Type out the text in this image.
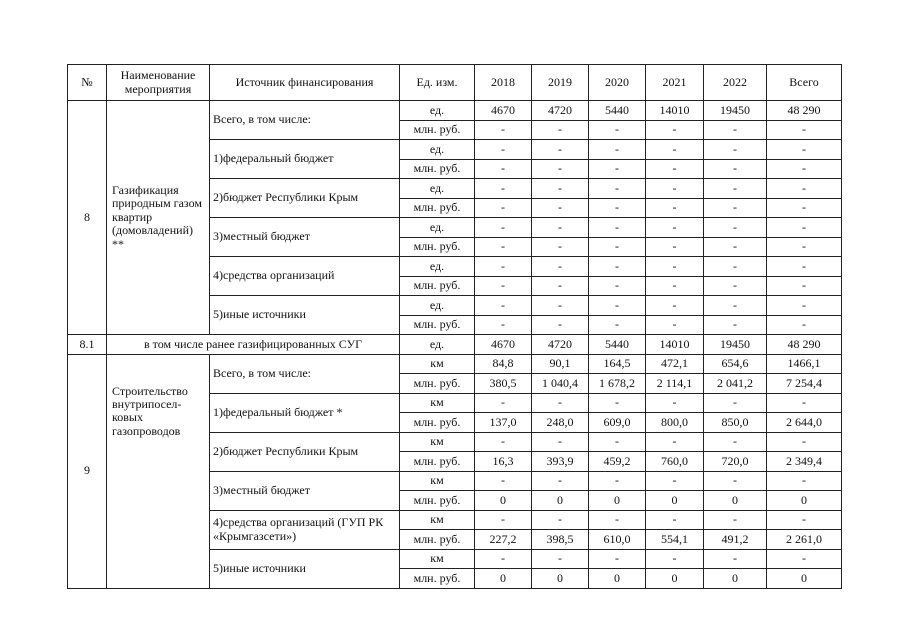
№	Наименование мероприятия	Источник финансирования	Ед. изм.	2018	2019	2020	2021	2022	Всего
8	Газификация природным газом квартир (домовладений) **	Всего, в том числе:	ед.	4670	4720	5440	14010	19450	48 290
			млн. руб.	-	-	-	-	-	-
		1)федеральный бюджет	ед.	-	-	-	-	-	-
			млн. руб.	-	-	-	-	-	-
		2)бюджет Республики Крым	ед.	-	-	-	-	-	-
			млн. руб.	-	-	-	-	-	-
		3)местный бюджет	ед.	-	-	-	-	-	-
			млн. руб.	-	-	-	-	-	-
		4)средства организаций	ед.	-	-	-	-	-	-
			млн. руб.	-	-	-	-	-	-
		5)иные источники	ед.	-	-	-	-	-	-
			млн. руб.	-	-	-	-	-	-
8.1	в том числе ранее газифицированных СУГ		ед.	4670	4720	5440	14010	19450	48 290
9	Строительство внутрипосел-ковых газопроводов	Всего, в том числе:	км	84,8	90,1	164,5	472,1	654,6	1466,1
			млн. руб.	380,5	1 040,4	1 678,2	2 114,1	2 041,2	7 254,4
		1)федеральный бюджет *	км	-	-	-	-	-	-
			млн. руб.	137,0	248,0	609,0	800,0	850,0	2 644,0
		2)бюджет Республики Крым	км	-	-	-	-	-	-
			млн. руб.	16,3	393,9	459,2	760,0	720,0	2 349,4
		3)местный бюджет	км	-	-	-	-	-	-
			млн. руб.	0	0	0	0	0	0
		4)средства организаций (ГУП РК «Крымгазсети»)	км	-	-	-	-	-	-
			млн. руб.	227,2	398,5	610,0	554,1	491,2	2 261,0
		5)иные источники	км	-	-	-	-	-	-
			млн. руб.	0	0	0	0	0	0
